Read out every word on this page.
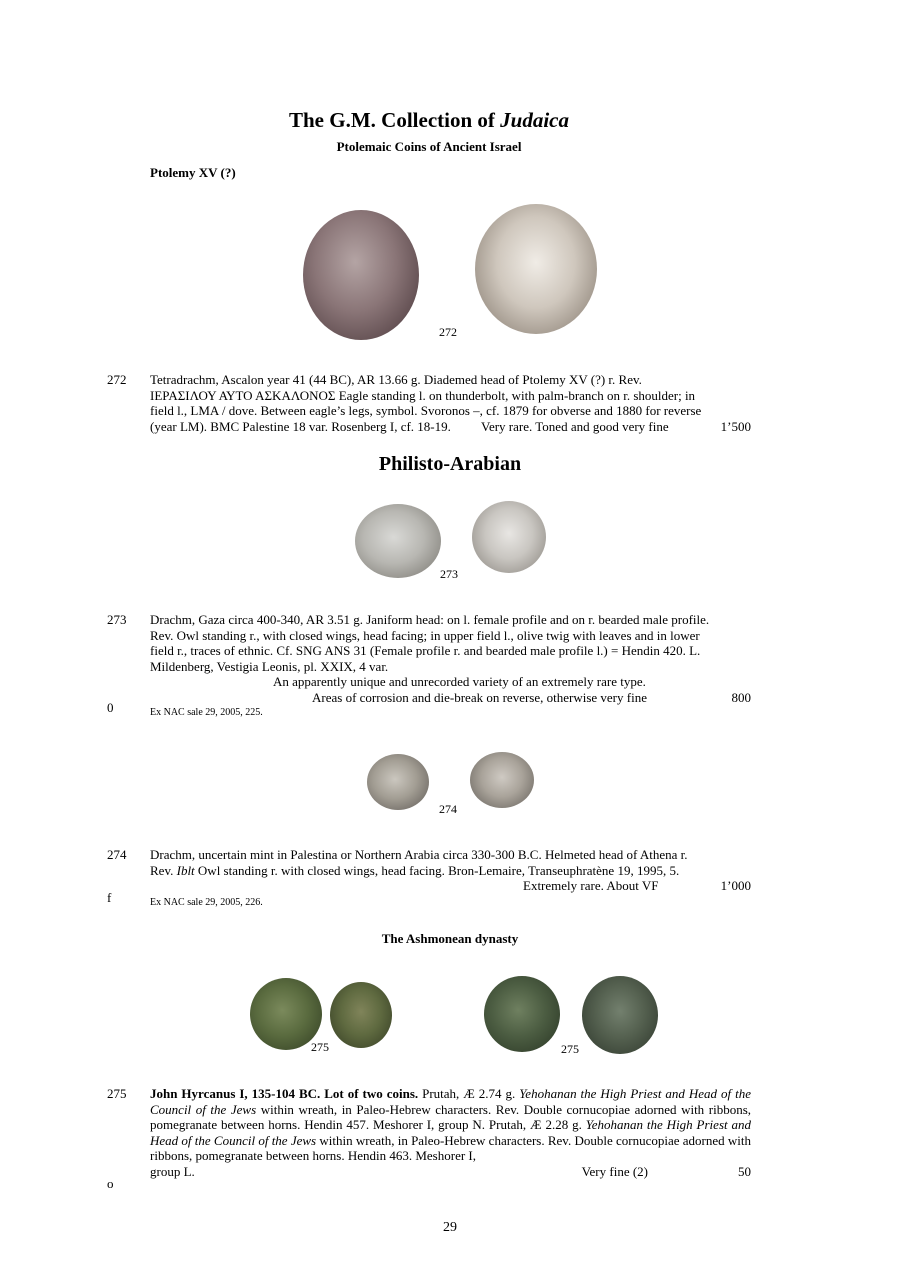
The G.M. Collection of Judaica
Ptolemaic Coins of Ancient Israel
Ptolemy XV (?)
272
272 Tetradrachm, Ascalon year 41 (44 BC), AR 13.66 g. Diademed head of Ptolemy XV (?) r. Rev.

ΙΕΡΑΣΙΛΟΥ ΑΥΤΟ ΑΣΚΑΛΟΝΟΣ Eagle standing l. on thunderbolt, with palm-branch on r. shoulder; in

field l., LMA / dove. Between eagle’s legs, symbol. Svoronos –, cf. 1879 for obverse and 1880 for reverse

(year LM). BMC Palestine 18 var. Rosenberg I, cf. 18-19. Very rare. Toned and good very fine	1’500
Philisto-Arabian
273
273 Drachm, Gaza circa 400-340, AR 3.51 g. Janiform head: on l. female profile and on r. bearded male profile.

Rev. Owl standing r., with closed wings, head facing; in upper field l., olive twig with leaves and in lower

field r., traces of ethnic. Cf. SNG ANS 31 (Female profile r. and bearded male profile l.) = Hendin 420. L.

Mildenberg, Vestigia Leonis, pl. XXIX, 4 var.

An apparently unique and unrecorded variety of an extremely rare type.

Areas of corrosion and die-break on reverse, otherwise very fine	800
0	Ex NAC sale 29, 2005, 225.
274
274 Drachm, uncertain mint in Palestina or Northern Arabia circa 330-300 B.C. Helmeted head of Athena r.

Rev. Iblt Owl standing r. with closed wings, head facing. Bron-Lemaire, Transeuphratène 19, 1995, 5.

Extremely rare. About VF	1’000
f	Ex NAC sale 29, 2005, 226.
The Ashmonean dynasty
275	275
275 John Hyrcanus I, 135-104 BC. Lot of two coins. Prutah, Æ 2.74 g. Yehohanan the High Priest and Head of the Council of the Jews within wreath, in Paleo-Hebrew characters. Rev. Double cornucopiae adorned with ribbons, pomegranate between horns. Hendin 457. Meshorer I, group N. Prutah, Æ 2.28 g. Yehohanan the High Priest and Head of the Council of the Jews within wreath, in Paleo-Hebrew characters. Rev. Double cornucopiae adorned with ribbons, pomegranate between horns. Hendin 463. Meshorer I,

group L.	Very fine (2)	50
o
29
